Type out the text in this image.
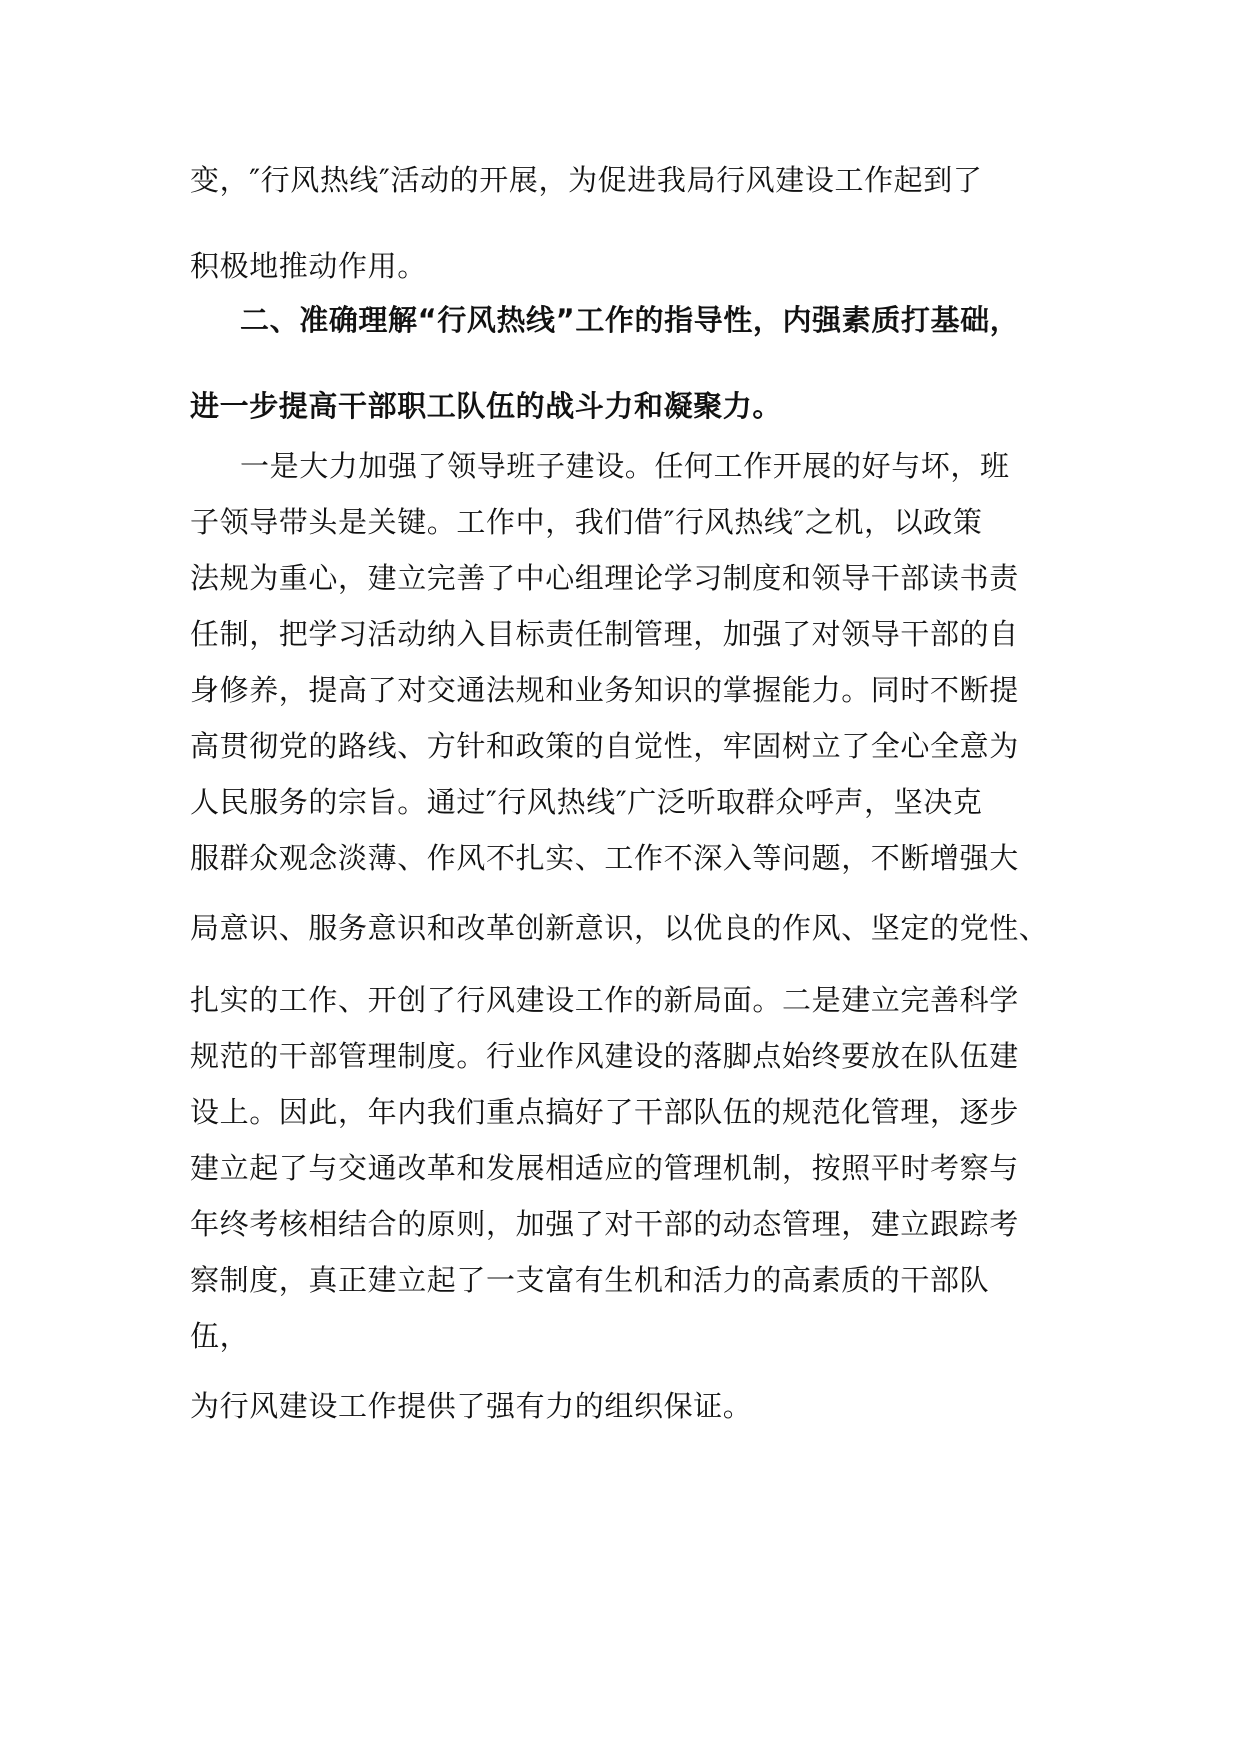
变，″行风热线″活动的开展，为促进我局行风建设工作起到了
积极地推动作用。
二、准确理解“行风热线”工作的指导性，内强素质打基础，
进一步提高干部职工队伍的战斗力和凝聚力。
一是大力加强了领导班子建设。任何工作开展的好与坏，班
子领导带头是关键。工作中，我们借″行风热线″之机，以政策
法规为重心，建立完善了中心组理论学习制度和领导干部读书责
任制，把学习活动纳入目标责任制管理，加强了对领导干部的自
身修养，提高了对交通法规和业务知识的掌握能力。同时不断提
高贯彻党的路线、方针和政策的自觉性，牢固树立了全心全意为
人民服务的宗旨。通过″行风热线″广泛听取群众呼声，坚决克
服群众观念淡薄、作风不扎实、工作不深入等问题，不断增强大
局意识、服务意识和改革创新意识，以优良的作风、坚定的党性、
扎实的工作、开创了行风建设工作的新局面。二是建立完善科学
规范的干部管理制度。行业作风建设的落脚点始终要放在队伍建
设上。因此，年内我们重点搞好了干部队伍的规范化管理，逐步
建立起了与交通改革和发展相适应的管理机制，按照平时考察与
年终考核相结合的原则，加强了对干部的动态管理，建立跟踪考
察制度，真正建立起了一支富有生机和活力的高素质的干部队
伍，
为行风建设工作提供了强有力的组织保证。
